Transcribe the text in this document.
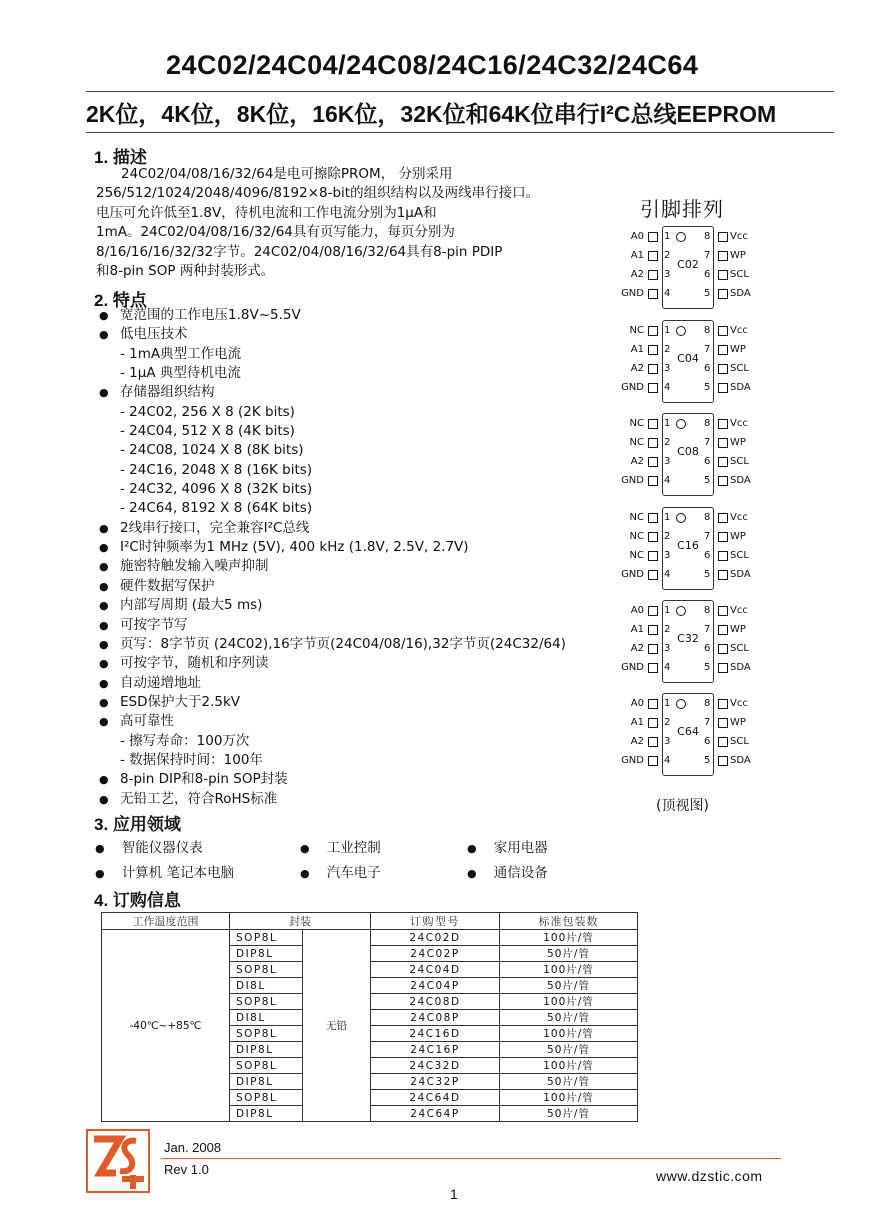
24C02/24C04/24C08/24C16/24C32/24C64
2K位，4K位，8K位，16K位，32K位和64K位串行I²C总线EEPROM
1. 描述
24C02/04/08/16/32/64是电可擦除PROM， 分别采用
256/512/1024/2048/4096/8192×8-bit的组织结构以及两线串行接口。
电压可允许低至1.8V，待机电流和工作电流分别为1μA和
1mA。24C02/04/08/16/32/64具有页写能力，每页分别为
8/16/16/16/32/32字节。24C02/04/08/16/32/64具有8-pin PDIP
和8-pin SOP 两种封装形式。
2. 特点
● 宽范围的工作电压1.8V~5.5V
● 低电压技术
- 1mA典型工作电流
- 1μA 典型待机电流
● 存储器组织结构
- 24C02, 256 X 8 (2K bits)
- 24C04, 512 X 8 (4K bits)
- 24C08, 1024 X 8 (8K bits)
- 24C16, 2048 X 8 (16K bits)
- 24C32, 4096 X 8 (32K bits)
- 24C64, 8192 X 8 (64K bits)
● 2线串行接口，完全兼容I²C总线
● I²C时钟频率为1 MHz (5V), 400 kHz (1.8V, 2.5V, 2.7V)
● 施密特触发输入噪声抑制
● 硬件数据写保护
● 内部写周期 (最大5 ms)
● 可按字节写
● 页写：8字节页 (24C02),16字节页(24C04/08/16),32字节页(24C32/64)
● 可按字节，随机和序列读
● 自动递增地址
● ESD保护大于2.5kV
● 高可靠性
- 擦写寿命：100万次
- 数据保持时间：100年
● 8-pin DIP和8-pin SOP封装
● 无铅工艺，符合RoHS标准
引脚排列
C02
A0 1	8 Vcc
A1 2	7 WP
A2 3	6 SCL
GND 4	5 SDA
C04
NC 1	8 Vcc
A1 2	7 WP
A2 3	6 SCL
GND 4	5 SDA
C08
NC 1	8 Vcc
NC 2	7 WP
A2 3	6 SCL
GND 4	5 SDA
C16
NC 1	8 Vcc
NC 2	7 WP
NC 3	6 SCL
GND 4	5 SDA
C32
A0 1	8 Vcc
A1 2	7 WP
A2 3	6 SCL
GND 4	5 SDA
C64
A0 1	8 Vcc
A1 2	7 WP
A2 3	6 SCL
GND 4	5 SDA
(顶视图)
3. 应用领域
● 智能仪器仪表	● 工业控制	● 家用电器
● 计算机 笔记本电脑	● 汽车电子	● 通信设备
4. 订购信息
工作温度范围	封装		订购型号	标准包装数
-40℃~+85℃	SOP8L	无铅	24C02D	100片/管
	DIP8L		24C02P	50片/管
	SOP8L		24C04D	100片/管
	DI8L		24C04P	50片/管
	SOP8L		24C08D	100片/管
	DI8L		24C08P	50片/管
	SOP8L		24C16D	100片/管
	DIP8L		24C16P	50片/管
	SOP8L		24C32D	100片/管
	DIP8L		24C32P	50片/管
	SOP8L		24C64D	100片/管
	DIP8L		24C64P	50片/管
Jan. 2008
Rev 1.0	www.dzstic.com
1
